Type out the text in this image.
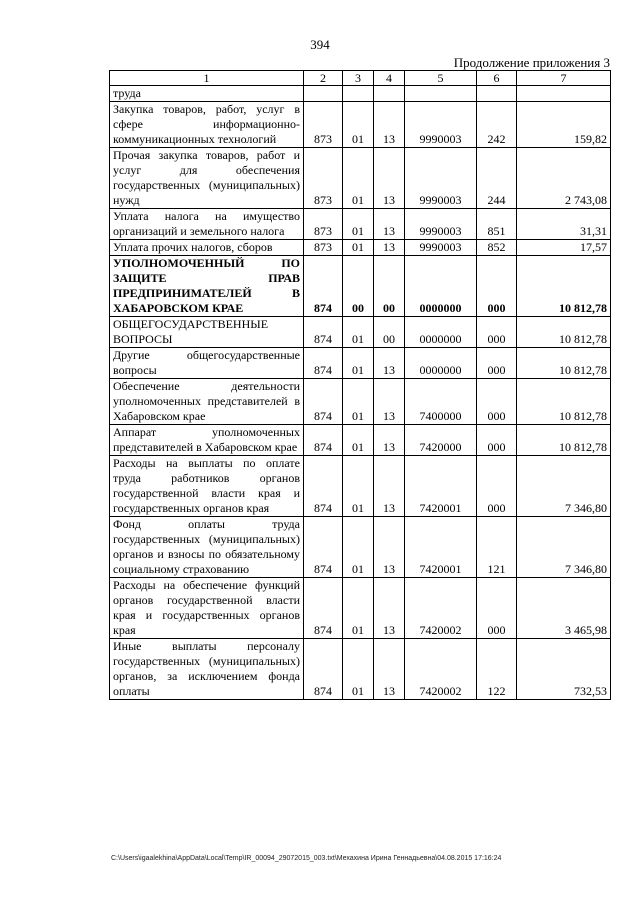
394
Продолжение приложения 3
1	2	3	4	5	6	7
труда						
Закупка товаров, работ, услуг в сфере информационно-коммуникационных технологий	873	01	13	9990003	242	159,82
Прочая закупка товаров, работ и услуг для обеспечения государственных (муниципальных) нужд	873	01	13	9990003	244	2 743,08
Уплата налога на имущество организаций и земельного налога	873	01	13	9990003	851	31,31
Уплата прочих налогов, сборов	873	01	13	9990003	852	17,57
УПОЛНОМОЧЕННЫЙ ПО ЗАЩИТЕ ПРАВ ПРЕДПРИНИМАТЕЛЕЙ В ХАБАРОВСКОМ КРАЕ	874	00	00	0000000	000	10 812,78
ОБЩЕГОСУДАРСТВЕННЫЕ ВОПРОСЫ	874	01	00	0000000	000	10 812,78
Другие общегосударственные вопросы	874	01	13	0000000	000	10 812,78
Обеспечение деятельности уполномоченных представителей в Хабаровском крае	874	01	13	7400000	000	10 812,78
Аппарат уполномоченных представителей в Хабаровском крае	874	01	13	7420000	000	10 812,78
Расходы на выплаты по оплате труда работников органов государственной власти края и государственных органов края	874	01	13	7420001	000	7 346,80
Фонд оплаты труда государственных (муниципальных) органов и взносы по обязательному социальному страхованию	874	01	13	7420001	121	7 346,80
Расходы на обеспечение функций органов государственной власти края и государственных органов края	874	01	13	7420002	000	3 465,98
Иные выплаты персоналу государственных (муниципальных) органов, за исключением фонда оплаты	874	01	13	7420002	122	732,53
C:\Users\igaalekhina\AppData\Local\Temp\IR_00094_29072015_003.txt\Мехахина Ирина Геннадьевна\04.08.2015 17:16:24
